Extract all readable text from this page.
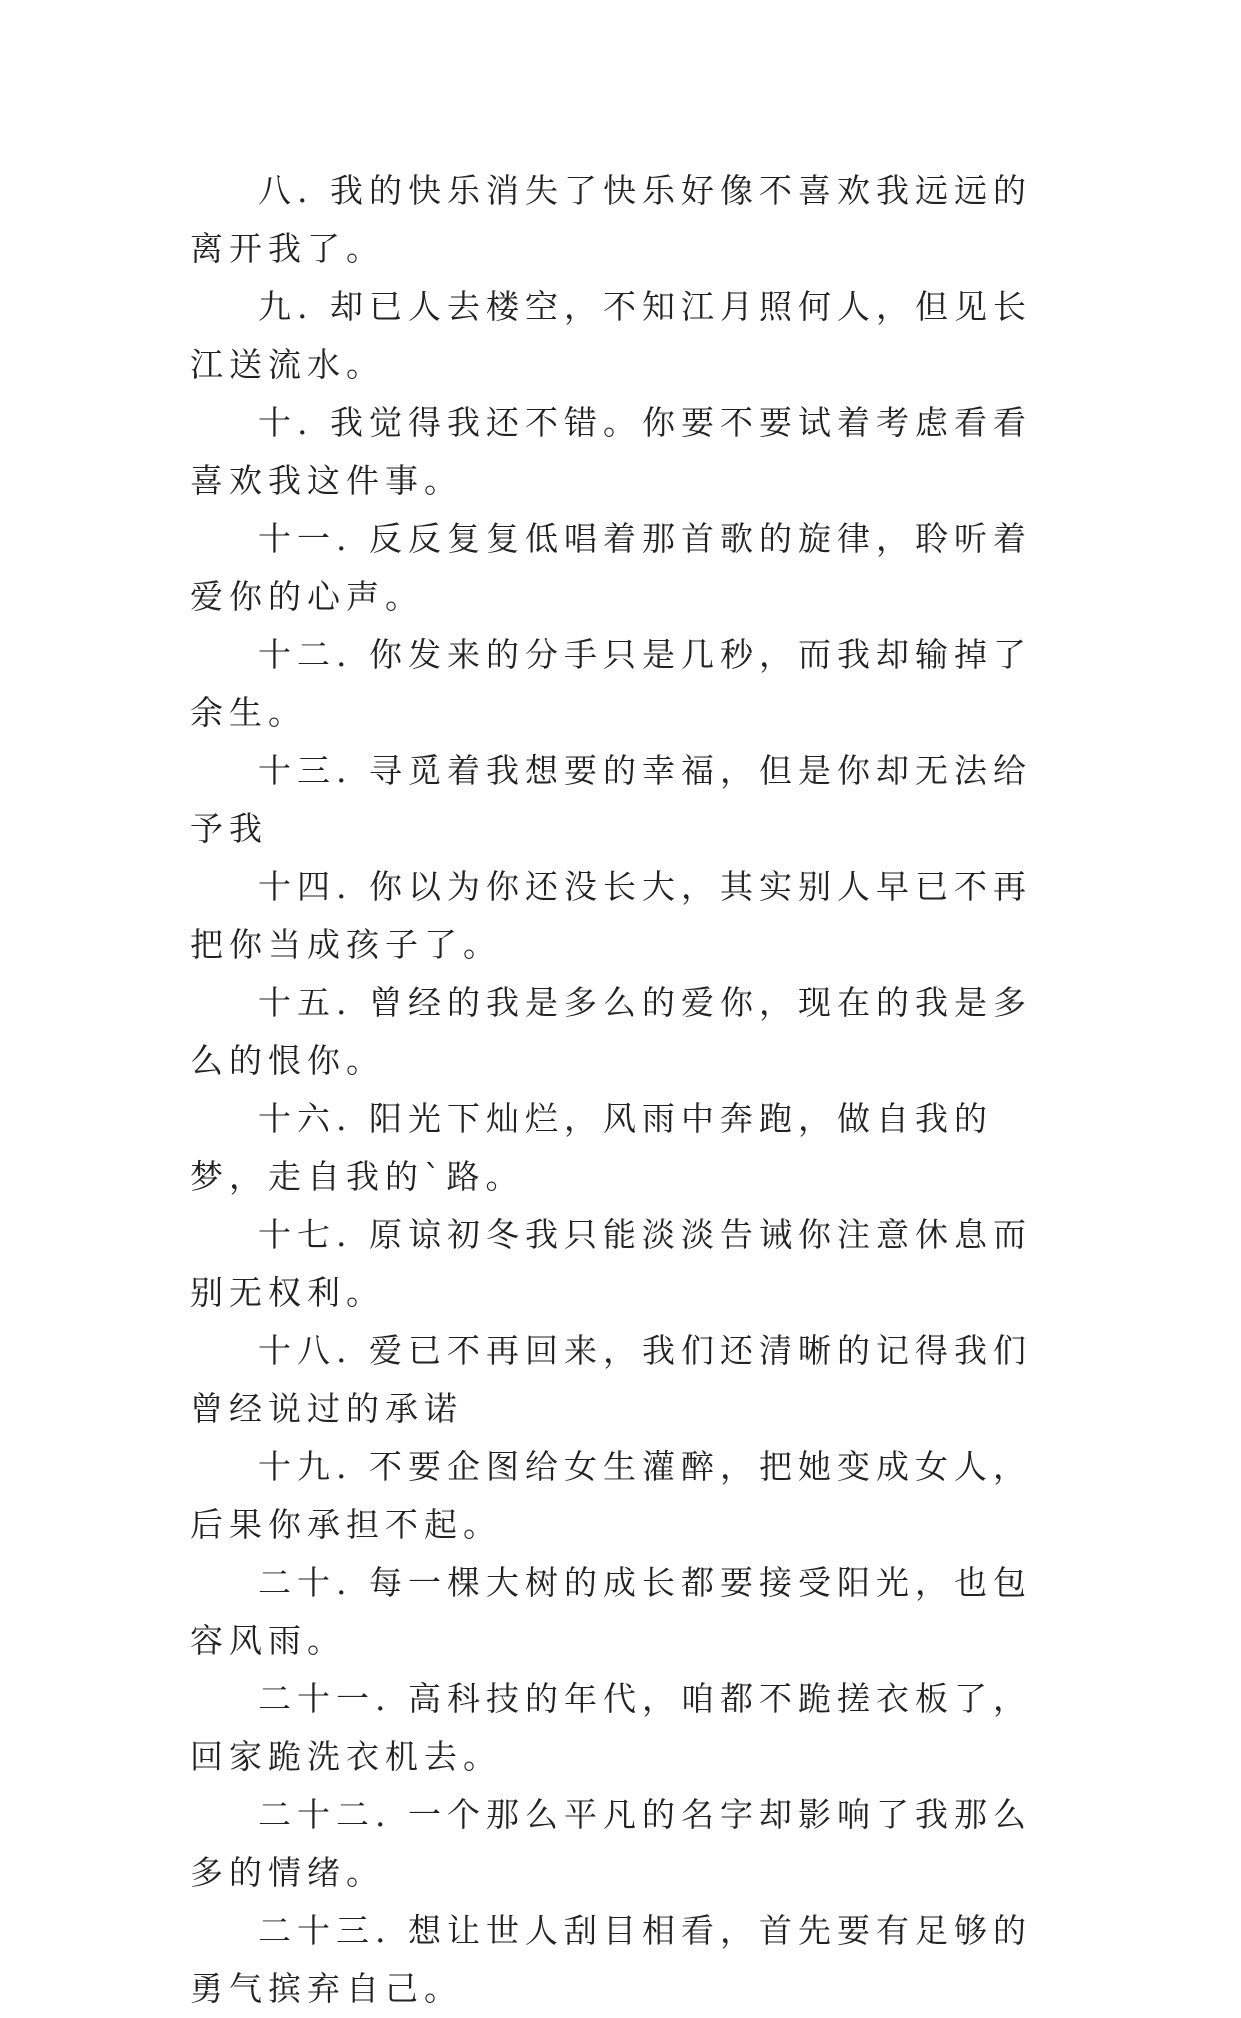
八. 我的快乐消失了快乐好像不喜欢我远远的离开我了。

九. 却已人去楼空，不知江月照何人，但见长江送流水。

十. 我觉得我还不错。你要不要试着考虑看看喜欢我这件事。

十一. 反反复复低唱着那首歌的旋律，聆听着爱你的心声。

十二. 你发来的分手只是几秒，而我却输掉了余生。

十三. 寻觅着我想要的幸福，但是你却无法给予我

十四. 你以为你还没长大，其实别人早已不再把你当成孩子了。

十五. 曾经的我是多么的爱你，现在的我是多么的恨你。

十六. 阳光下灿烂，风雨中奔跑，做自我的梦，走自我的`路。

十七. 原谅初冬我只能淡淡告诫你注意休息而别无权利。

十八. 爱已不再回来，我们还清晰的记得我们曾经说过的承诺

十九. 不要企图给女生灌醉，把她变成女人，后果你承担不起。

二十. 每一棵大树的成长都要接受阳光，也包容风雨。

二十一. 高科技的年代，咱都不跪搓衣板了，回家跪洗衣机去。

二十二. 一个那么平凡的名字却影响了我那么多的情绪。

二十三. 想让世人刮目相看，首先要有足够的勇气摈弃自己。
